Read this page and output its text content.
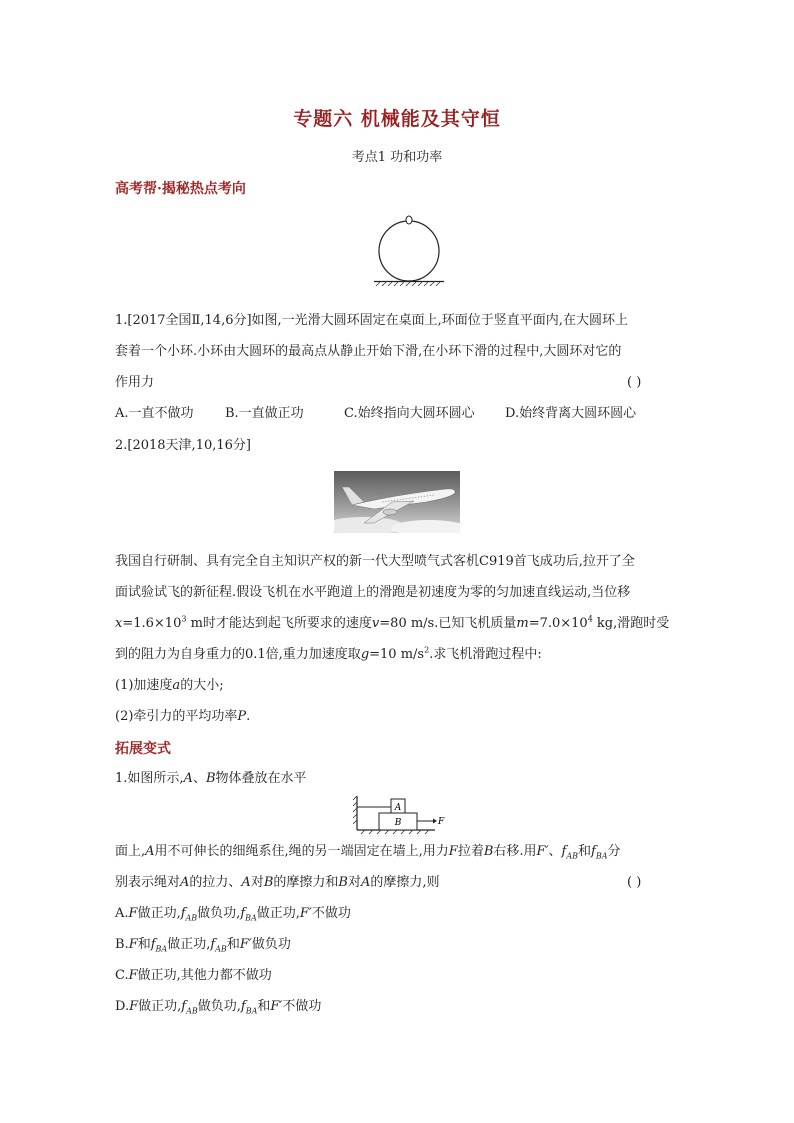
专题六 机械能及其守恒
考点1 功和功率
高考帮·揭秘热点考向
1.[2017全国Ⅱ,14,6分]如图,一光滑大圆环固定在桌面上,环面位于竖直平面内,在大圆环上
套着一个小环.小环由大圆环的最高点从静止开始下滑,在小环下滑的过程中,大圆环对它的
作用力	( )
A.一直不做功 B.一直做正功	C.始终指向大圆环圆心 D.始终背离大圆环圆心
2.[2018天津,10,16分]
我国自行研制、具有完全自主知识产权的新一代大型喷气式客机C919首飞成功后,拉开了全
面试验试飞的新征程.假设飞机在水平跑道上的滑跑是初速度为零的匀加速直线运动,当位移
$x=1.6\times 10^3$ m时才能达到起飞所要求的速度v=80 m/s.已知飞机质量$m=7.0\times 10^4$ kg,滑跑时受
到的阻力为自身重力的0.1倍,重力加速度取g=10 $m/s^2$.求飞机滑跑过程中:
(1)加速度a的大小;
(2)牵引力的平均功率P.
拓展变式
1.如图所示,A、B物体叠放在水平
A
B	F
面上,A用不可伸长的细绳系住,绳的另一端固定在墙上,用力F拉着B右移.用F′、$f_{AB}$和$f_{BA}$分
别表示绳对A的拉力、A对B的摩擦力和B对A的摩擦力,则	( )
A.F做正功$,f_{AB}$做负功$,f_{BA}$做正功,F′不做功
B.F和$f_{BA}$做正功$,f_{AB}$和F′做负功
C.F做正功,其他力都不做功
D.F做正功$,f_{AB}$做负功$,f_{BA}$和F′不做功
